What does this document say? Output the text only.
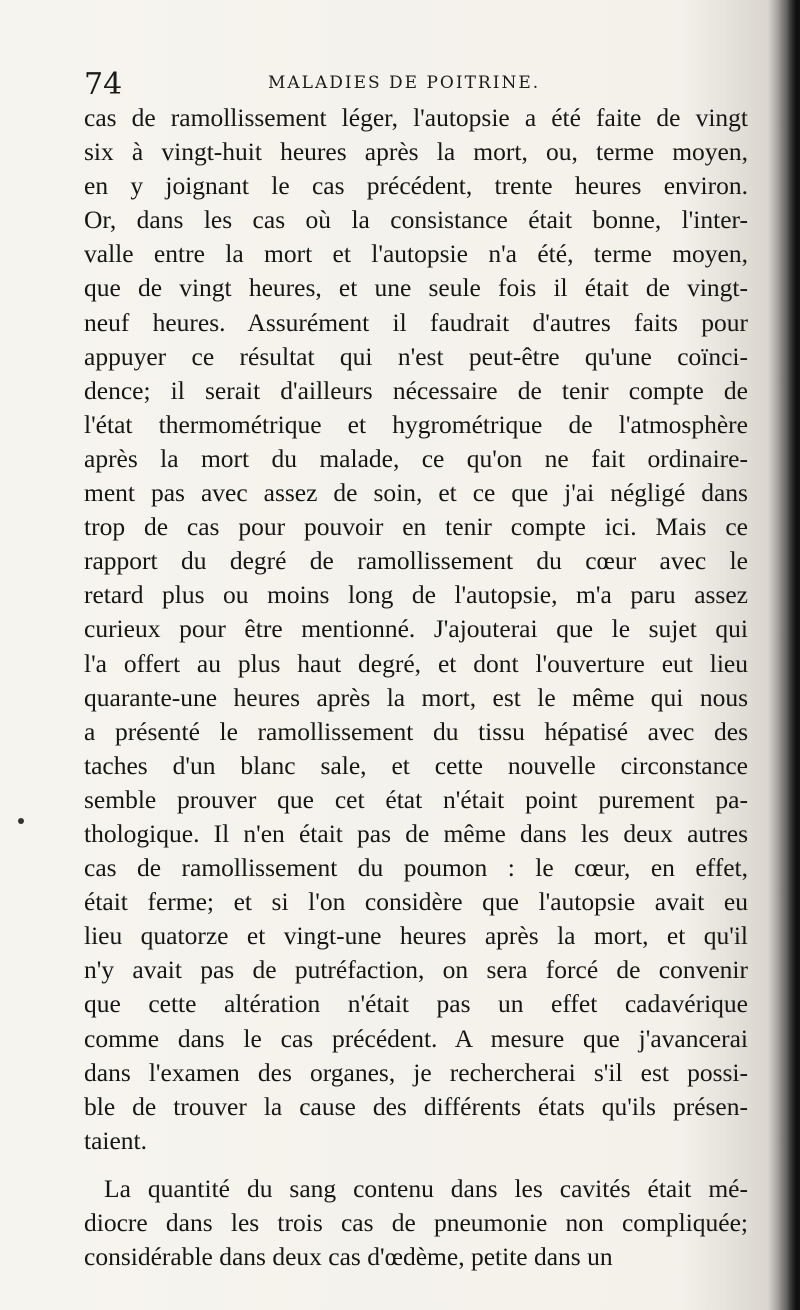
74	MALADIES DE POITRINE.
cas de ramollissement léger, l'autopsie a été faite de vingt
six à vingt-huit heures après la mort, ou, terme moyen,
en y joignant le cas précédent, trente heures environ.
Or, dans les cas où la consistance était bonne, l'inter-
valle entre la mort et l'autopsie n'a été, terme moyen,
que de vingt heures, et une seule fois il était de vingt-
neuf heures. Assurément il faudrait d'autres faits pour
appuyer ce résultat qui n'est peut-être qu'une coïnci-
dence; il serait d'ailleurs nécessaire de tenir compte de
l'état thermométrique et hygrométrique de l'atmosphère
après la mort du malade, ce qu'on ne fait ordinaire-
ment pas avec assez de soin, et ce que j'ai négligé dans
trop de cas pour pouvoir en tenir compte ici. Mais ce
rapport du degré de ramollissement du cœur avec le
retard plus ou moins long de l'autopsie, m'a paru assez
curieux pour être mentionné. J'ajouterai que le sujet qui
l'a offert au plus haut degré, et dont l'ouverture eut lieu
quarante-une heures après la mort, est le même qui nous
a présenté le ramollissement du tissu hépatisé avec des
taches d'un blanc sale, et cette nouvelle circonstance
semble prouver que cet état n'était point purement pa-
thologique. Il n'en était pas de même dans les deux autres
cas de ramollissement du poumon : le cœur, en effet,
était ferme; et si l'on considère que l'autopsie avait eu
lieu quatorze et vingt-une heures après la mort, et qu'il
n'y avait pas de putréfaction, on sera forcé de convenir
que cette altération n'était pas un effet cadavérique
comme dans le cas précédent. A mesure que j'avancerai
dans l'examen des organes, je rechercherai s'il est possi-
ble de trouver la cause des différents états qu'ils présen-
taient.
La quantité du sang contenu dans les cavités était mé-
diocre dans les trois cas de pneumonie non compliquée;
considérable dans deux cas d'œdème, petite dans un
